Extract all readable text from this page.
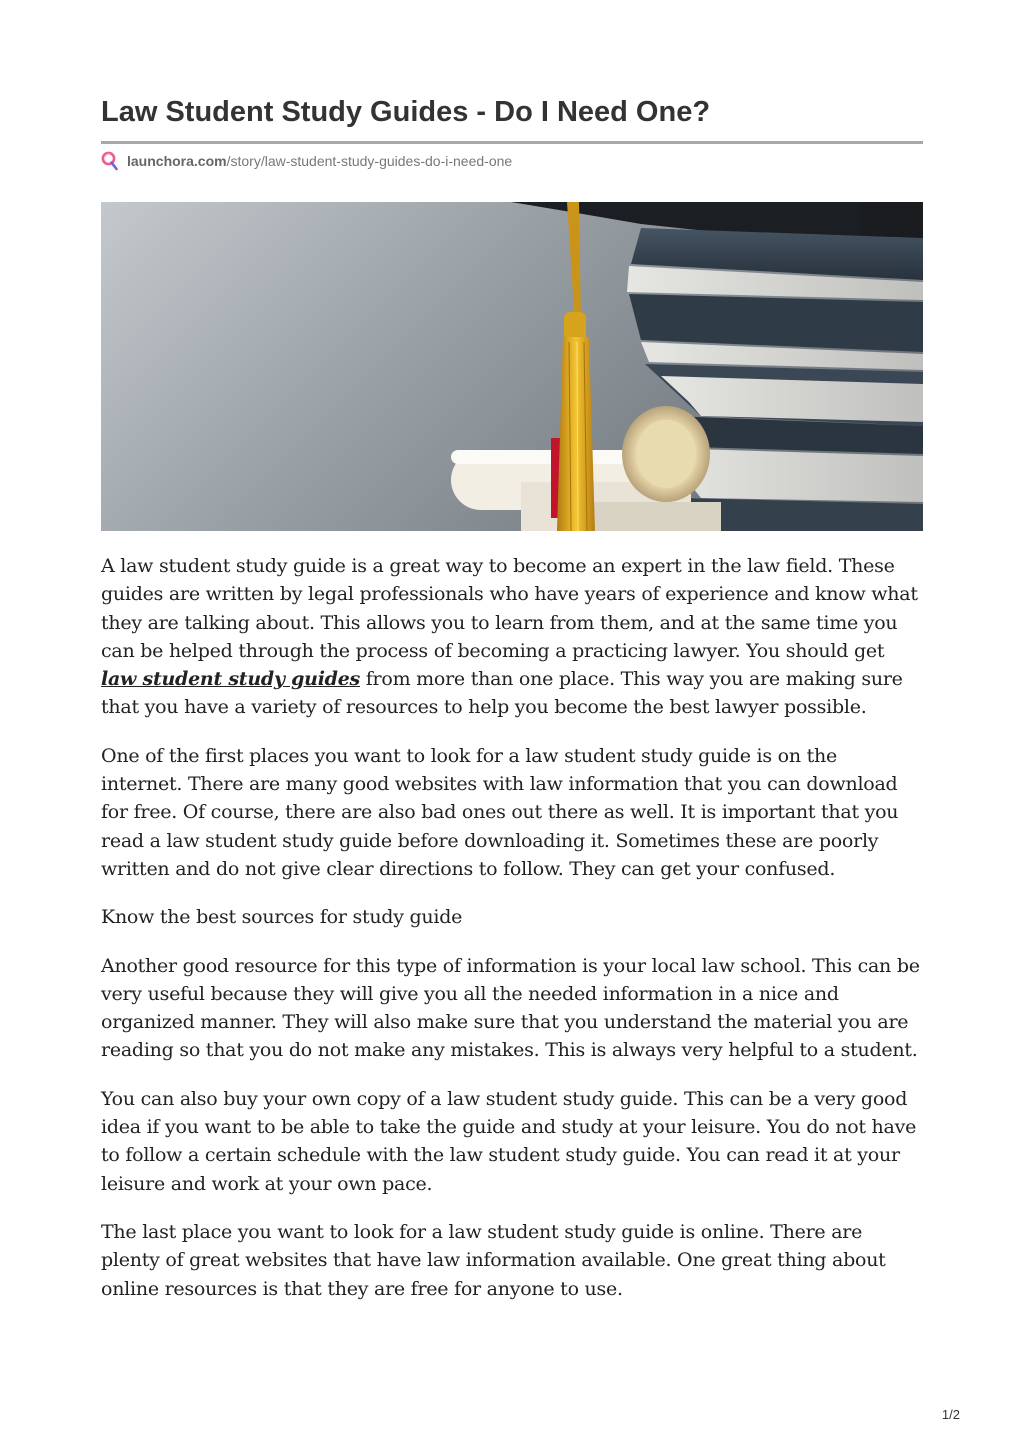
Law Student Study Guides - Do I Need One?
launchora.com /story/law-student-study-guides-do-i-need-one

A law student study guide is a great way to become an expert in the law field. These guides are written by legal professionals who have years of experience and know what they are talking about. This allows you to learn from them, and at the same time you can be helped through the process of becoming a practicing lawyer. You should get law student study guides from more than one place. This way you are making sure that you have a variety of resources to help you become the best lawyer possible.

One of the first places you want to look for a law student study guide is on the internet. There are many good websites with law information that you can download for free. Of course, there are also bad ones out there as well. It is important that you read a law student study guide before downloading it. Sometimes these are poorly written and do not give clear directions to follow. They can get your confused.

Know the best sources for study guide

Another good resource for this type of information is your local law school. This can be very useful because they will give you all the needed information in a nice and organized manner. They will also make sure that you understand the material you are reading so that you do not make any mistakes. This is always very helpful to a student.

You can also buy your own copy of a law student study guide. This can be a very good idea if you want to be able to take the guide and study at your leisure. You do not have to follow a certain schedule with the law student study guide. You can read it at your leisure and work at your own pace.

The last place you want to look for a law student study guide is online. There are plenty of great websites that have law information available. One great thing about online resources is that they are free for anyone to use.

1/2
